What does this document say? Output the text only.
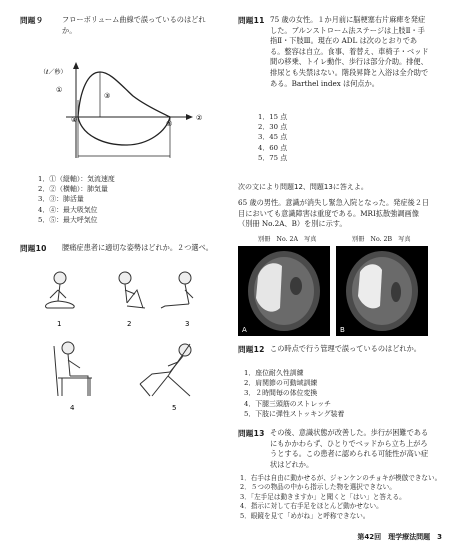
問題９	フローボリューム曲線で誤っているのはどれか。
（ℓ／秒）
①
②
③
④	⑤
1．①（縦軸）：気流速度
2．②（横軸）：肺気量
3．③：肺活量
4．④：最大吸気位
5．⑤：最大呼気位
問題10 腰痛症患者に適切な姿勢はどれか。２つ選べ。
1	2	3
4	5
問題11 75 歳の女性。１か月前に脳梗塞右片麻痺を発症した。ブルンストローム法ステージは上肢Ⅱ・手指Ⅱ・下肢Ⅲ。現在の ADL は次のとおりである。整容は自立。食事、着替え、車椅子・ベッド間の移乗、トイレ動作、歩行は部分介助。排便、排尿とも失禁はない。階段昇降と入浴は全介助である。Barthel index は何点か。
1．15 点
2．30 点
3．45 点
4．60 点
5．75 点
次の文により問題12、問題13に答えよ。
65 歳の男性。意識が消失し緊急入院となった。発症後２日目においても意識障害は重度である。MRI拡散強調画像（別冊 No.2A、B）を別に示す。
別冊　No. 2A　写真	別冊　No. 2B　写真
A	B
問題12 この時点で行う管理で誤っているのはどれか。
1．座位耐久性訓練
2．肩関節の可動域訓練
3．２時間毎の体位変換
4．下腿三頭筋のストレッチ
5．下肢に弾性ストッキング装着
問題13 その後、意識状態が改善した。歩行が困難であるにもかかわらず、ひとりでベッドから立ち上がろうとする。この患者に認められる可能性が高い症状はどれか。
1．右手は自由に動かせるが、ジャンケンのチョキが模倣できない。
2．５つの物品の中から指示した物を選択できない。
3．「左手足は動きますか」と聞くと「はい」と答える。
4．指示に対して右手足をほとんど動かせない。
5．眼鏡を見て「めがね」と呼称できない。
第42回　理学療法問題　3
